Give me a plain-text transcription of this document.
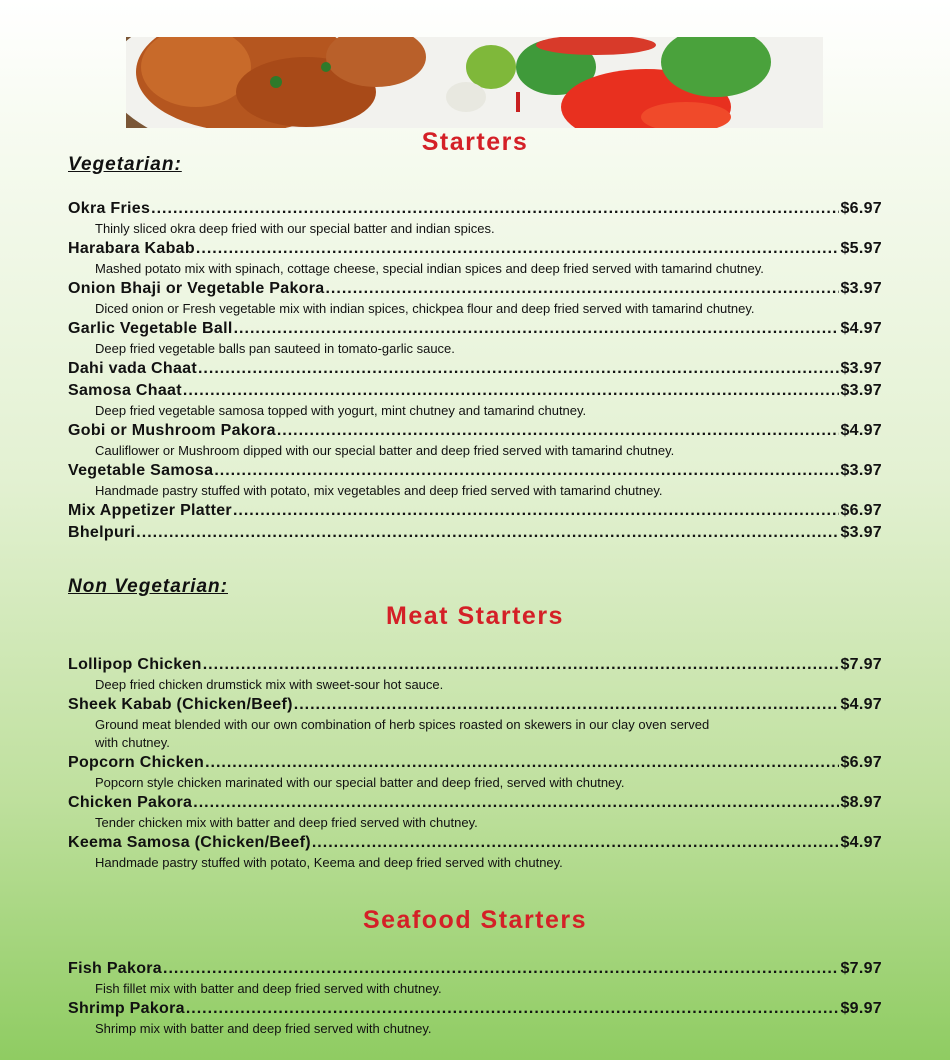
Starters
Vegetarian:
Okra Fries .....	$6.97

Thinly sliced okra deep fried with our special batter and indian spices.

Harabara Kabab .....	$5.97

Mashed potato mix with spinach, cottage cheese, special indian spices and deep fried served with tamarind chutney.

Onion Bhaji or Vegetable Pakora .....	$3.97

Diced onion or Fresh vegetable mix with indian spices, chickpea flour and deep fried served with tamarind chutney.

Garlic Vegetable Ball .....	$4.97

Deep fried vegetable balls pan sauteed in tomato-garlic sauce.

Dahi vada Chaat .....	$3.97
Samosa Chaat .....	$3.97

Deep fried vegetable samosa topped with yogurt, mint chutney and tamarind chutney.

Gobi or Mushroom Pakora .....	$4.97

Cauliflower or Mushroom dipped with our special batter and deep fried served with tamarind chutney.

Vegetable Samosa .....	$3.97

Handmade pastry stuffed with potato, mix vegetables and deep fried served with tamarind chutney.

Mix Appetizer Platter .....	$6.97
Bhelpuri .....	$3.97
Non Vegetarian:
Meat Starters
Lollipop Chicken .....	$7.97

Deep fried chicken drumstick mix with sweet-sour hot sauce.

Sheek Kabab (Chicken/Beef) .....	$4.97

Ground meat blended with our own combination of herb spices roasted on skewers in our clay oven served with chutney.

Popcorn Chicken .....	$6.97

Popcorn style chicken marinated with our special batter and deep fried, served with chutney.

Chicken Pakora .....	$8.97

Tender chicken mix with batter and deep fried served with chutney.

Keema Samosa (Chicken/Beef) .....	$4.97

Handmade pastry stuffed with potato, Keema and deep fried served with chutney.

Seafood Starters
Fish Pakora .....	$7.97

Fish fillet mix with batter and deep fried served with chutney.

Shrimp Pakora .....	$9.97

Shrimp mix with batter and deep fried served with chutney.
